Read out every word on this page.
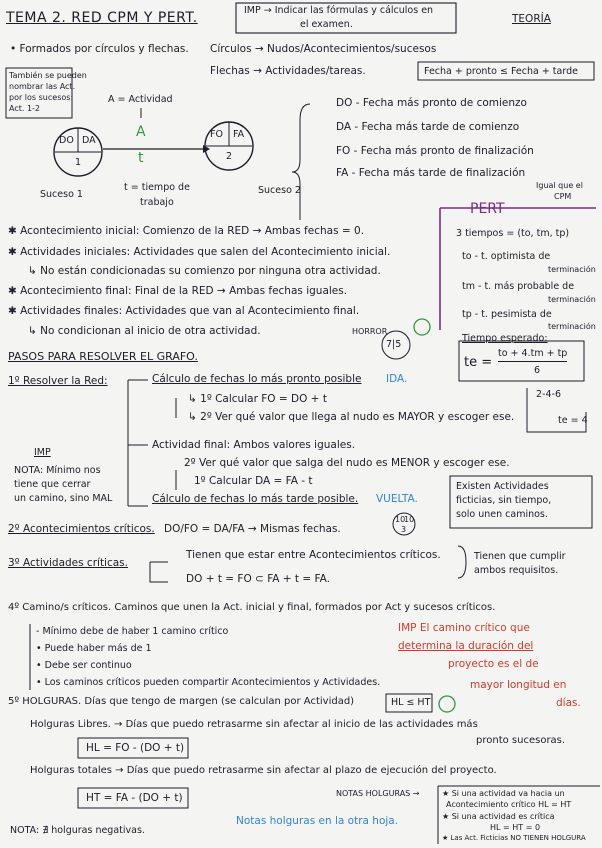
TEMA 2. RED CPM Y PERT.	IMP → Indicar las fórmulas y cálculos en
el examen.	TEORÍA
• Formados por círculos y flechas. Círculos → Nudos/Acontecimientos/sucesos
Flechas → Actividades/tareas.	Fecha + pronto ≤ Fecha + tarde
También se pueden
nombrar las Act.
por los sucesos:
Act. 1-2
A = Actividad
A
t
DO DA
1
FO FA
2
Suceso 1	Suceso 2
t = tiempo de
trabajo
DO - Fecha más pronto de comienzo
DA - Fecha más tarde de comienzo
FO - Fecha más pronto de finalización
FA - Fecha más tarde de finalización
✱ Acontecimiento inicial: Comienzo de la RED → Ambas fechas = 0.
✱ Actividades iniciales: Actividades que salen del Acontecimiento inicial.
↳ No están condicionadas su comienzo por ninguna otra actividad.
✱ Acontecimiento final: Final de la RED → Ambas fechas iguales.
✱ Actividades finales: Actividades que van al Acontecimiento final.
↳ No condicionan al inicio de otra actividad.
Igual que el
CPM
PERT
3 tiempos = (to, tm, tp)
to - t. optimista de
terminación
tm - t. más probable de
terminación
tp - t. pesimista de
terminación
Tiempo esperado:
te =
to + 4.tm + tp
6
HORROR
7|5
PASOS PARA RESOLVER EL GRAFO.
1º Resolver la Red:	Cálculo de fechas lo más pronto posible IDA.
↳ 1º Calcular FO = DO + t
↳ 2º Ver qué valor que llega al nudo es MAYOR y escoger ese.
2-4-6
te = 4
Actividad final: Ambos valores iguales.
2º Ver qué valor que salga del nudo es MENOR y escoger ese.
1º Calcular DA = FA - t
Cálculo de fechas lo más tarde posible. VUELTA.
IMP
NOTA: Mínimo nos
tiene que cerrar
un camino, sino MAL
Existen Actividades
ficticias, sin tiempo,
solo unen caminos.
2º Acontecimientos críticos. DO/FO = DA/FA → Mismas fechas.
10
10
3
3º Actividades críticas.
Tienen que estar entre Acontecimientos críticos.
DO + t = FO ⊂ FA + t = FA.
Tienen que cumplir
ambos requisitos.
4º Camino/s críticos. Caminos que unen la Act. inicial y final, formados por Act y sucesos críticos.
- Mínimo debe de haber 1 camino crítico
• Puede haber más de 1
• Debe ser continuo
• Los caminos críticos pueden compartir Acontecimientos y Actividades.
IMP El camino crítico que
determina la duración del
proyecto es el de
mayor longitud en
días.
5º HOLGURAS. Días que tengo de margen (se calculan por Actividad)	HL ≤ HT
Holguras Libres. → Días que puedo retrasarme sin afectar al inicio de las actividades más
pronto sucesoras.
HL = FO - (DO + t)
Holguras totales → Días que puedo retrasarme sin afectar al plazo de ejecución del proyecto.
HT = FA - (DO + t)	NOTAS HOLGURAS →	★ Si una actividad va hacia un
Acontecimiento crítico HL = HT
★ Si una actividad es crítica
HL = HT = 0
★ Las Act. Ficticias NO TIENEN HOLGURA
Notas holguras en la otra hoja.
NOTA: ∄ holguras negativas.
